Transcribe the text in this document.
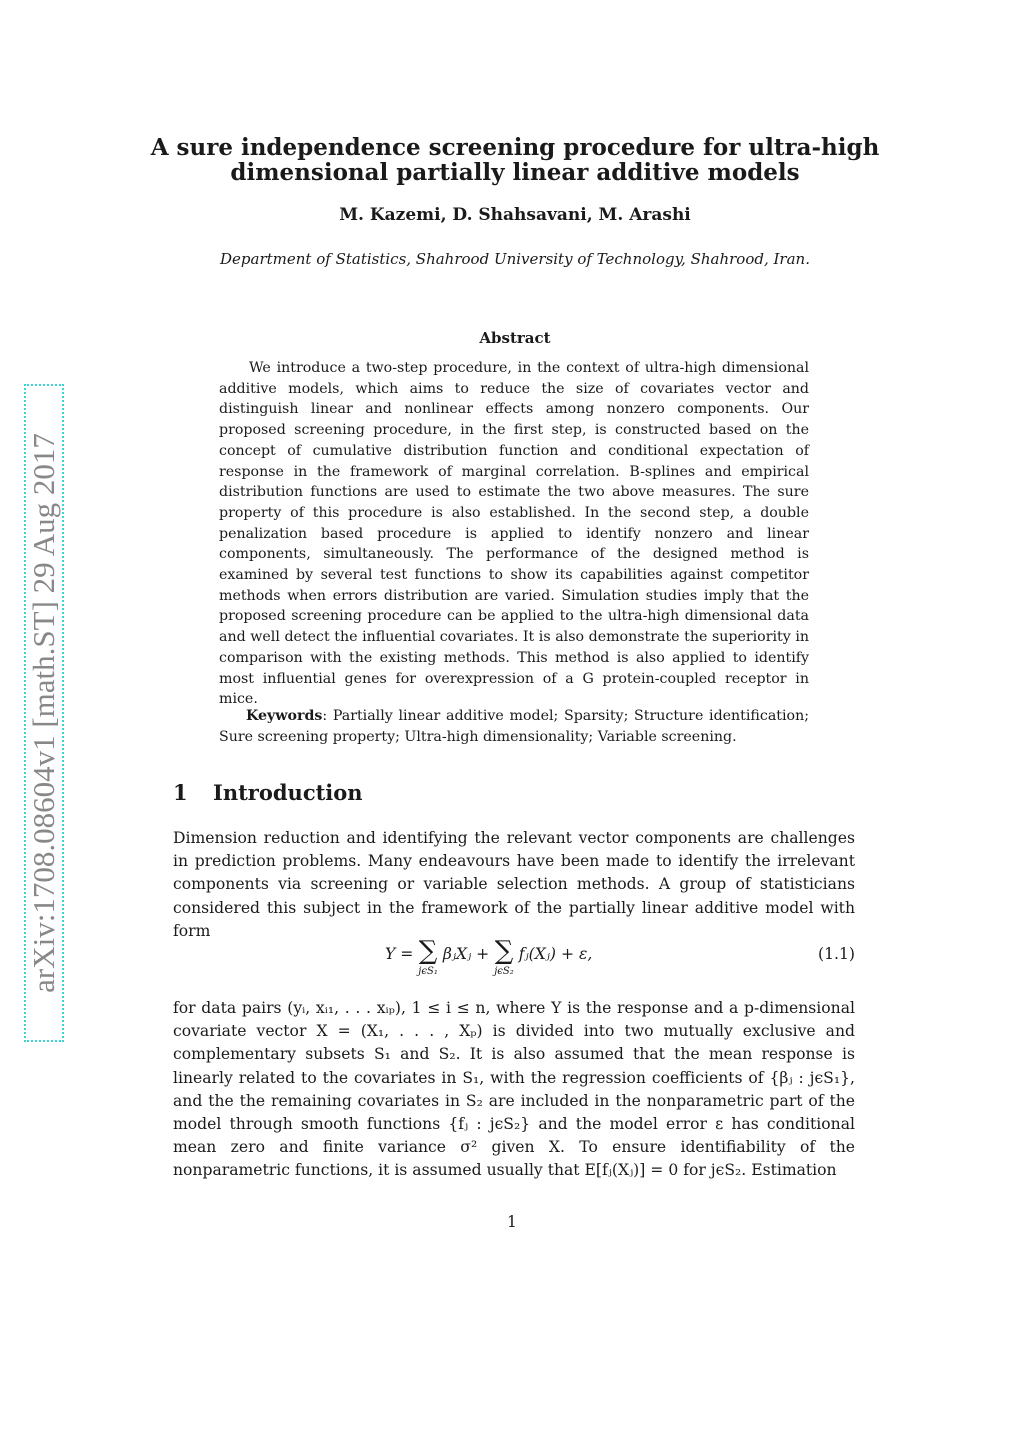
arXiv:1708.08604v1 [math.ST] 29 Aug 2017
A sure independence screening procedure for ultra-high
dimensional partially linear additive models
M. Kazemi, D. Shahsavani, M. Arashi
Department of Statistics, Shahrood University of Technology, Shahrood, Iran.
Abstract
We introduce a two-step procedure, in the context of ultra-high dimensional additive models, which aims to reduce the size of covariates vector and distinguish linear and nonlinear effects among nonzero components. Our proposed screening procedure, in the first step, is constructed based on the concept of cumulative distribution function and conditional expectation of response in the framework of marginal correlation. B-splines and empirical distribution functions are used to estimate the two above measures. The sure property of this procedure is also established. In the second step, a double penalization based procedure is applied to identify nonzero and linear components, simultaneously. The performance of the designed method is examined by several test functions to show its capabilities against competitor methods when errors distribution are varied. Simulation studies imply that the proposed screening procedure can be applied to the ultra-high dimensional data and well detect the influential covariates. It is also demonstrate the superiority in comparison with the existing methods. This method is also applied to identify most influential genes for overexpression of a G protein-coupled receptor in mice.
Keywords: Partially linear additive model; Sparsity; Structure identification; Sure screening property; Ultra-high dimensionality; Variable screening.
1 Introduction
Dimension reduction and identifying the relevant vector components are challenges in prediction problems. Many endeavours have been made to identify the irrelevant components via screening or variable selection methods. A group of statisticians considered this subject in the framework of the partially linear additive model with form
Y = ∑
jϵS₁
βⱼXⱼ + ∑
jϵS₂
fⱼ(Xⱼ) + ε,	(1.1)
for data pairs (yᵢ, xᵢ₁, . . . xᵢₚ), 1 ≤ i ≤ n, where Y is the response and a p-dimensional covariate vector X = (X₁, . . . , Xₚ) is divided into two mutually exclusive and complementary subsets S₁ and S₂. It is also assumed that the mean response is linearly related to the covariates in S₁, with the regression coefficients of {βⱼ : jϵS₁}, and the the remaining covariates in S₂ are included in the nonparametric part of the model through smooth functions {fⱼ : jϵS₂} and the model error ε has conditional mean zero and finite variance σ² given X. To ensure identifiability of the nonparametric functions, it is assumed usually that E[fⱼ(Xⱼ)] = 0 for jϵS₂. Estimation
1
